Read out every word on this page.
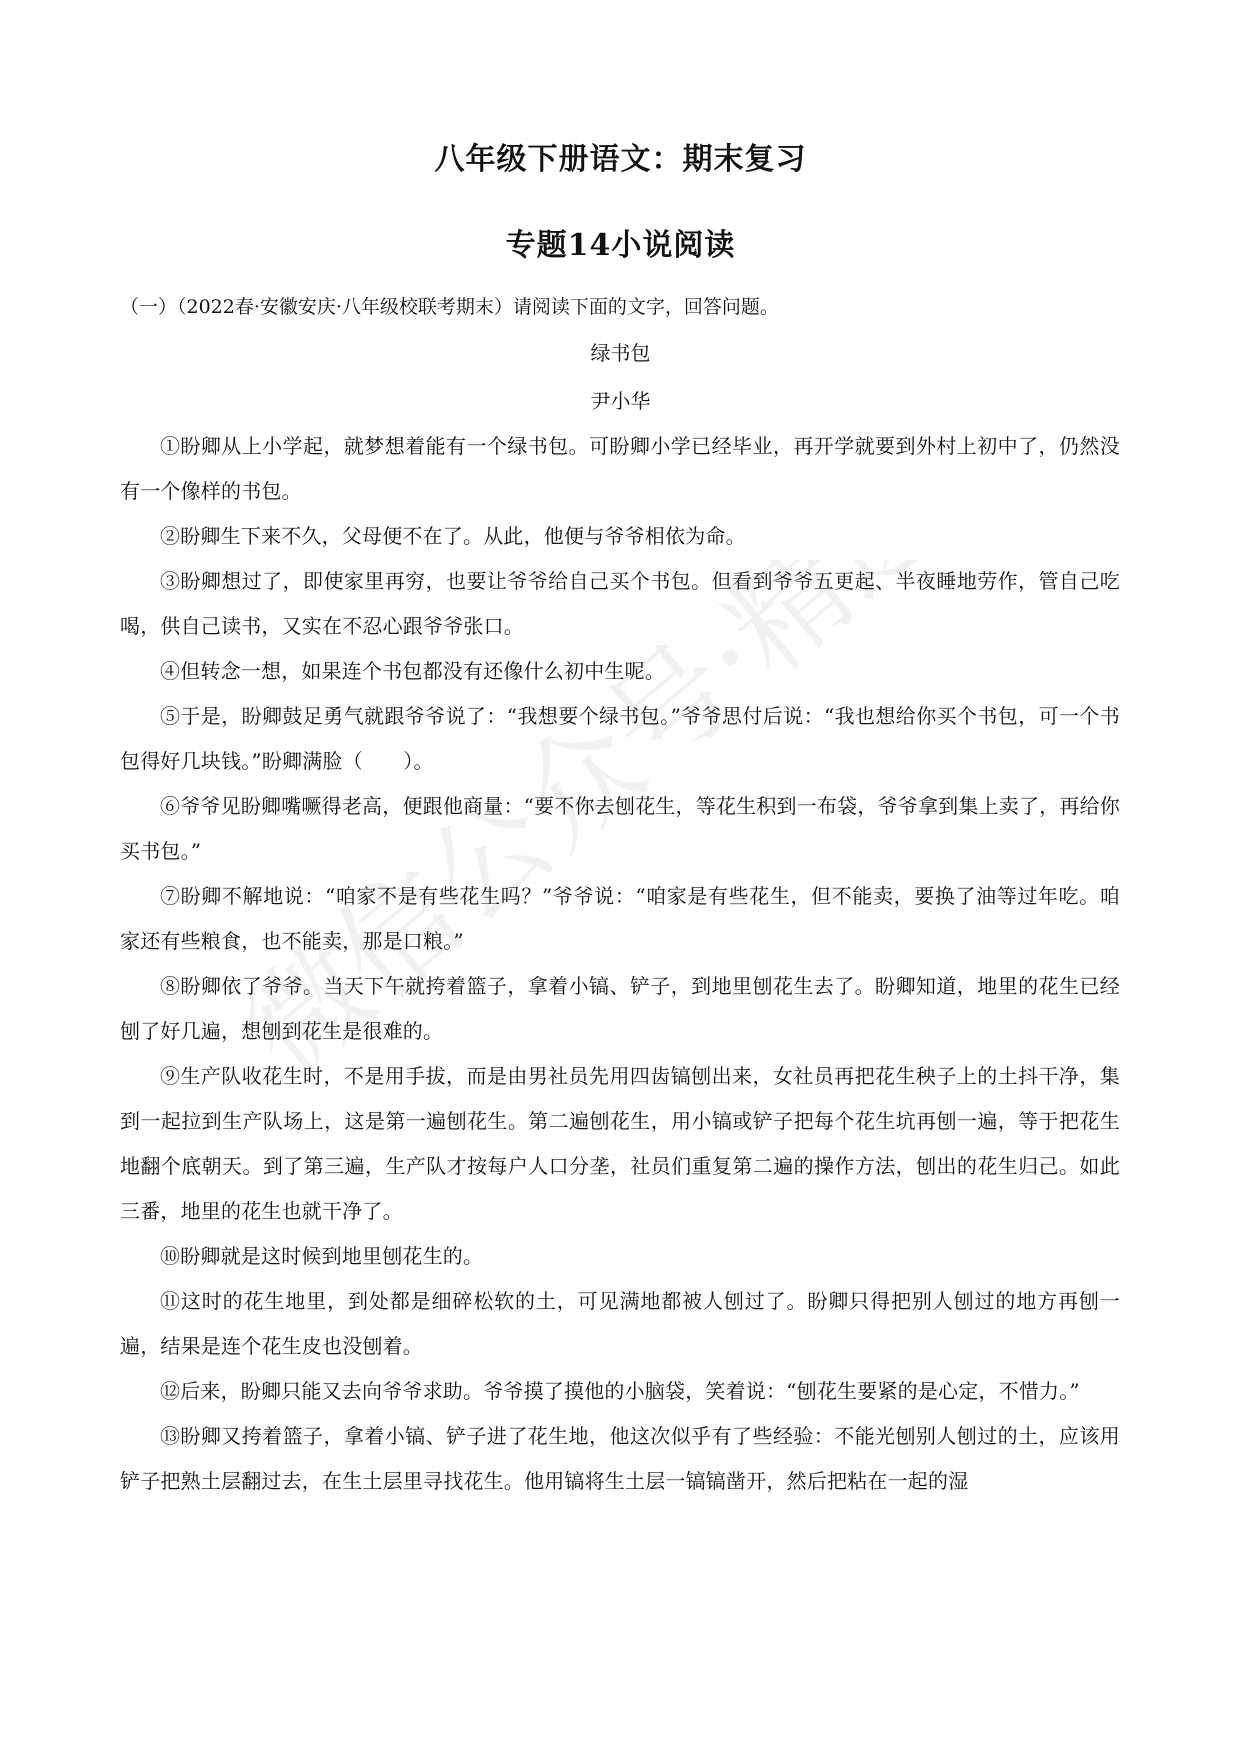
微信公众号·精选资料库
八年级下册语文：期末复习
专题14小说阅读
（一）（2022春·安徽安庆·八年级校联考期末）请阅读下面的文字，回答问题。
绿书包
尹小华

①盼卿从上小学起，就梦想着能有一个绿书包。可盼卿小学已经毕业，再开学就要到外村上初中了，仍然没有一个像样的书包。

②盼卿生下来不久，父母便不在了。从此，他便与爷爷相依为命。

③盼卿想过了，即使家里再穷，也要让爷爷给自己买个书包。但看到爷爷五更起、半夜睡地劳作，管自己吃喝，供自己读书，又实在不忍心跟爷爷张口。

④但转念一想，如果连个书包都没有还像什么初中生呢。

⑤于是，盼卿鼓足勇气就跟爷爷说了：“我想要个绿书包。”爷爷思付后说：“我也想给你买个书包，可一个书包得好几块钱。”盼卿满脸（　　）。

⑥爷爷见盼卿嘴噘得老高，便跟他商量：“要不你去刨花生，等花生积到一布袋，爷爷拿到集上卖了，再给你买书包。”

⑦盼卿不解地说：“咱家不是有些花生吗？”爷爷说：“咱家是有些花生，但不能卖，要换了油等过年吃。咱家还有些粮食，也不能卖，那是口粮。”

⑧盼卿依了爷爷。当天下午就挎着篮子，拿着小镐、铲子，到地里刨花生去了。盼卿知道，地里的花生已经刨了好几遍，想刨到花生是很难的。

⑨生产队收花生时，不是用手拔，而是由男社员先用四齿镐刨出来，女社员再把花生秧子上的土抖干净，集到一起拉到生产队场上，这是第一遍刨花生。第二遍刨花生，用小镐或铲子把每个花生坑再刨一遍，等于把花生地翻个底朝天。到了第三遍，生产队才按每户人口分垄，社员们重复第二遍的操作方法，刨出的花生归己。如此三番，地里的花生也就干净了。

⑩盼卿就是这时候到地里刨花生的。

⑪这时的花生地里，到处都是细碎松软的土，可见满地都被人刨过了。盼卿只得把别人刨过的地方再刨一遍，结果是连个花生皮也没刨着。

⑫后来，盼卿只能又去向爷爷求助。爷爷摸了摸他的小脑袋，笑着说：“刨花生要紧的是心定，不惜力。”

⑬盼卿又挎着篮子，拿着小镐、铲子进了花生地，他这次似乎有了些经验：不能光刨别人刨过的土，应该用铲子把熟土层翻过去，在生土层里寻找花生。他用镐将生土层一镐镐凿开，然后把粘在一起的湿
